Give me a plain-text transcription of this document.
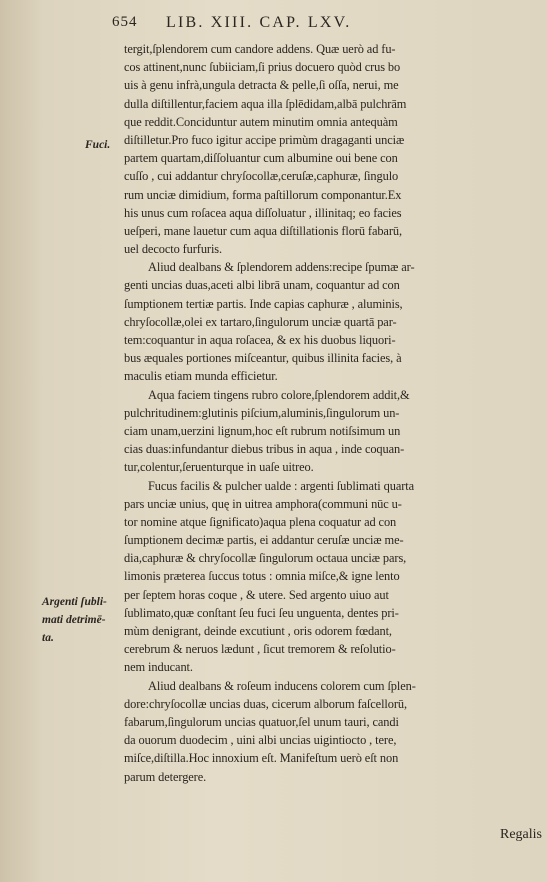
654 LIB. XIII. CAP. LXV.
tergit,ſplendorem cum candore addens. Quæ uerò ad fu-
cos attinent,nunc ſubiiciam,ſi prius docuero quòd crus bo
uis à genu infrà,ungula detracta & pelle,ſi oſſa, nerui, me
dulla diſtillentur,faciem aqua illa ſplēdidam,albā pulchrām
que reddit.Conciduntur autem minutim omnia antequàm
diſtilletur.Pro fuco igitur accipe primùm dragaganti unciæ
partem quartam,diſſoluantur cum albumine oui bene con
cuſſo , cui addantur chryſocollæ,ceruſæ,caphuræ, ſingulo
rum unciæ dimidium, forma paſtillorum componantur.Ex
his unus cum roſacea aqua diſſoluatur , illinitaq; eo facies
ueſperi, mane lauetur cum aqua diſtillationis florū fabarū,
uel decocto furfuris.
Aliud dealbans & ſplendorem addens:recipe ſpumæ ar-
genti uncias duas,aceti albi librā unam, coquantur ad con
ſumptionem tertiæ partis. Inde capias caphuræ , aluminis,
chryſocollæ,olei ex tartaro,ſingulorum unciæ quartā par-
tem:coquantur in aqua roſacea, & ex his duobus liquori-
bus æquales portiones miſceantur, quibus illinita facies, à
maculis etiam munda efficietur.
Aqua faciem tingens rubro colore,ſplendorem addit,&
pulchritudinem:glutinis piſcium,aluminis,ſingulorum un-
ciam unam,uerzini lignum,hoc eſt rubrum notiſsimum un
cias duas:infundantur diebus tribus in aqua , inde coquan-
tur,colentur,ſeruenturque in uaſe uitreo.
Fucus facilis & pulcher ualde : argenti ſublimati quarta
pars unciæ unius, quę in uitrea amphora(communi nūc u-
tor nomine atque ſignificato)aqua plena coquatur ad con
ſumptionem decimæ partis, ei addantur ceruſæ unciæ me-
dia,caphuræ & chryſocollæ ſingulorum octaua unciæ pars,
limonis præterea ſuccus totus : omnia miſce,& igne lento
per ſeptem horas coque , & utere. Sed argento uiuo aut
ſublimato,quæ conſtant ſeu fuci ſeu unguenta, dentes pri-
mùm denigrant, deinde excutiunt , oris odorem fœdant,
cerebrum & neruos lædunt , ſicut tremorem & reſolutio-
nem inducant.
Aliud dealbans & roſeum inducens colorem cum ſplen-
dore:chryſocollæ uncias duas, cicerum alborum faſcellorū,
fabarum,ſingulorum uncias quatuor,ſel unum tauri, candi
da ouorum duodecim , uini albi uncias uigintiocto , tere,
miſce,diſtilla.Hoc innoxium eſt. Manifeſtum uerò eſt non
parum detergere.
Fuci.
Argenti ſubli-
mati detrimē-
ta.
Regalis
